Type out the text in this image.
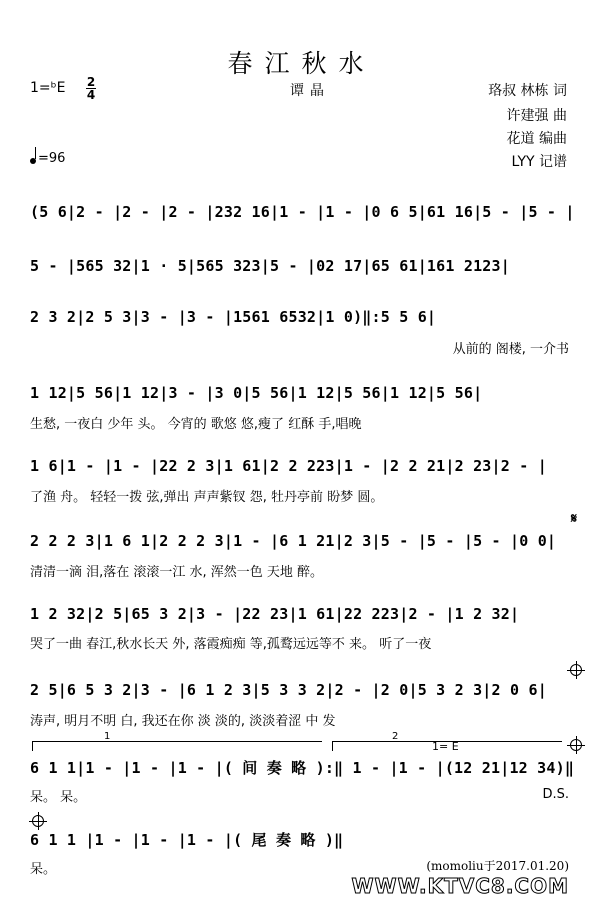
春江秋水
1=ᵇE 2
4	谭晶	珞叔 林栋 词
许建强 曲
花道 编曲
LYY 记谱
=96
(5 6|2 - |2 - |2 - |232 16|1 - |1 - |0 6 5|61 16|5 - |5 - |
5 - |565 32|1 · 5|565 323|5 - |02 17|65 61|161 2123|
2 3 2|2 5 3|3 - |3 - |1561 6532|1 0)‖:5 5 6|
从前的 阁楼, 一介书
1 12|5 56|1 12|3 - |3 0|5 56|1 12|5 56|1 12|5 56|
生愁, 一夜白 少年 头。 今宵的 歌悠 悠,瘦了 红酥 手,唱晚
1 6|1 - |1 - |22 2 3|1 61|2 2 223|1 - |2 2 21|2 23|2 - |
了渔 舟。 轻轻一拨 弦,弹出 声声紫钗 怨, 牡丹亭前 盼梦 圆。
𝄋
2 2 2 3|1 6 1|2 2 2 3|1 - |6 1 21|2 3|5 - |5 - |5 - |0 0|
清清一滴 泪,落在 滚滚一江 水, 浑然一色 天地 醉。
1 2 32|2 5|65 3 2|3 - |22 23|1 61|22 223|2 - |1 2 32|
哭了一曲 春江,秋水长天 外, 落霞痴痴 等,孤鹜远远等不 来。 听了一夜
2 5|6 5 3 2|3 - |6 1 2 3|5 3 3 2|2 - |2 0|5 3 2 3|2 0 6|
涛声, 明月不明 白, 我还在你 淡 淡的, 淡淡着涩 中 发
1	2
1= E
6 1 1|1 - |1 - |1 - |( 间 奏 略 ):‖ 1 - |1 - |(12 21|12 34)‖
呆。 呆。	D.S.
6 1 1 |1 - |1 - |1 - |( 尾 奏 略 )‖
呆。	(momoliu于2017.01.20)
WWW.KTVC8.COM
